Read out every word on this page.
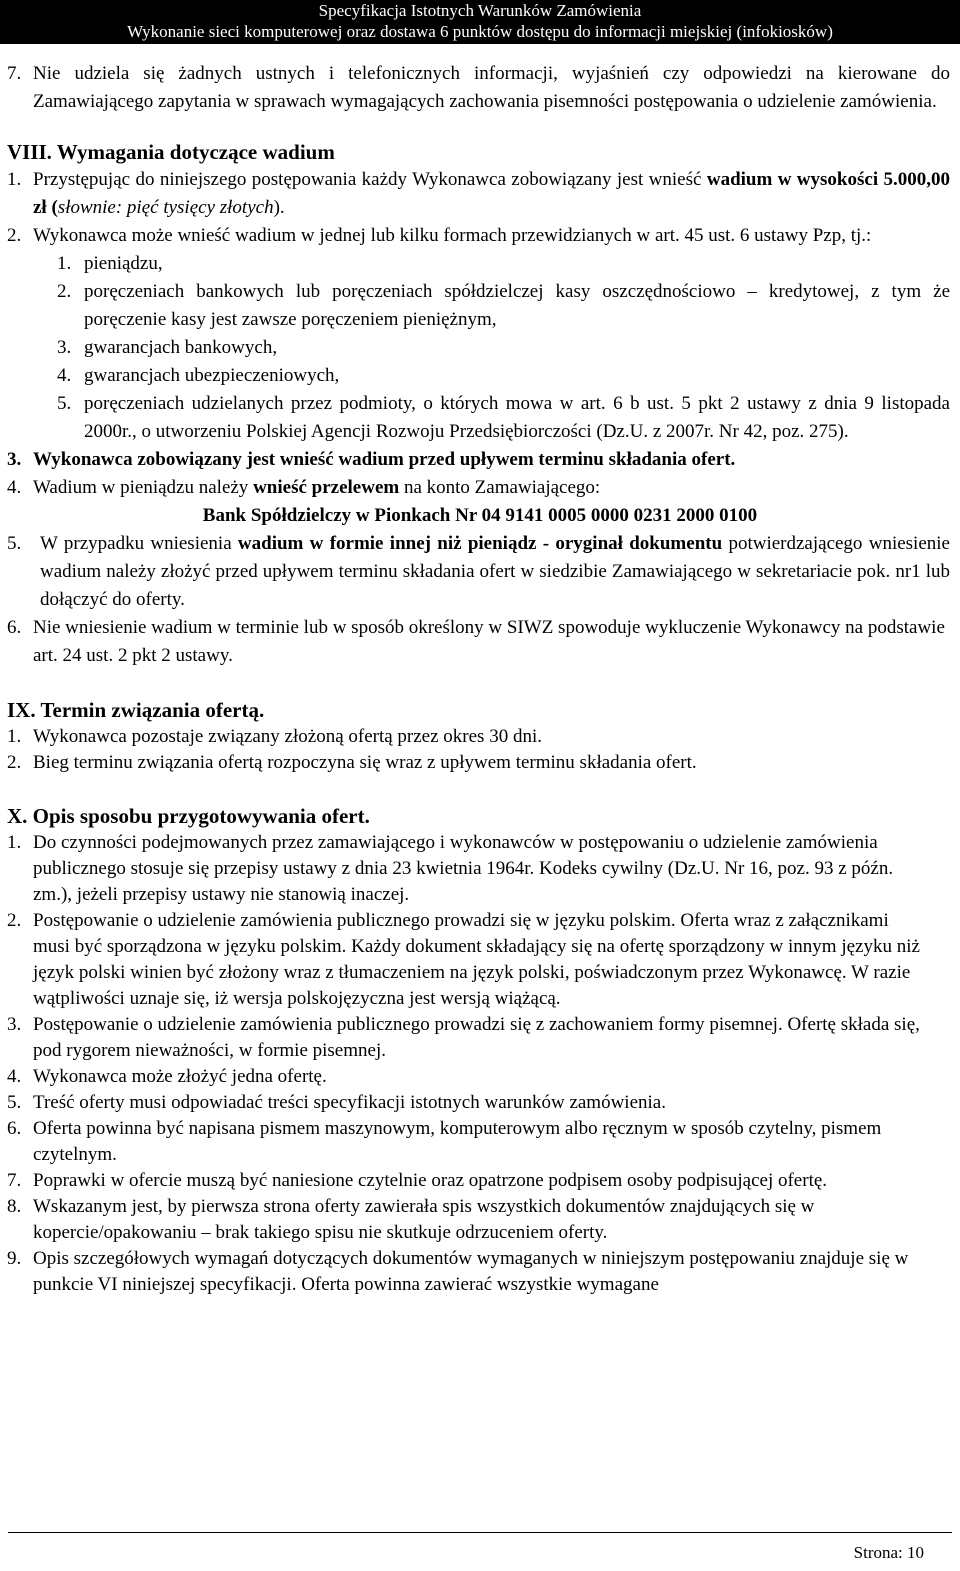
Specyfikacja Istotnych Warunków Zamówienia
Wykonanie sieci komputerowej oraz dostawa 6 punktów dostępu do informacji miejskiej (infokiosków)
7. Nie udziela się żadnych ustnych i telefonicznych informacji, wyjaśnień czy odpowiedzi na kierowane do Zamawiającego zapytania w sprawach wymagających zachowania pisemności postępowania o udzielenie zamówienia.
VIII. Wymagania dotyczące wadium
1. Przystępując do niniejszego postępowania każdy Wykonawca zobowiązany jest wnieść wadium w wysokości 5.000,00 zł (słownie: pięć tysięcy złotych).
2. Wykonawca może wnieść wadium w jednej lub kilku formach przewidzianych w art. 45 ust. 6 ustawy Pzp, tj.:
1. pieniądzu,
2. poręczeniach bankowych lub poręczeniach spółdzielczej kasy oszczędnościowo – kredytowej, z tym że poręczenie kasy jest zawsze poręczeniem pieniężnym,
3. gwarancjach bankowych,
4. gwarancjach ubezpieczeniowych,
5. poręczeniach udzielanych przez podmioty, o których mowa w art. 6 b ust. 5 pkt 2 ustawy z dnia 9 listopada 2000r., o utworzeniu Polskiej Agencji Rozwoju Przedsiębiorczości (Dz.U. z 2007r. Nr 42, poz. 275).
3. Wykonawca zobowiązany jest wnieść wadium przed upływem terminu składania ofert.
4. Wadium w pieniądzu należy wnieść przelewem na konto Zamawiającego:
Bank Spółdzielczy w Pionkach Nr 04 9141 0005 0000 0231 2000 0100
5. W przypadku wniesienia wadium w formie innej niż pieniądz - oryginał dokumentu potwierdzającego wniesienie wadium należy złożyć przed upływem terminu składania ofert w siedzibie Zamawiającego w sekretariacie pok. nr1 lub dołączyć do oferty.
6. Nie wniesienie wadium w terminie lub w sposób określony w SIWZ spowoduje wykluczenie Wykonawcy na podstawie art. 24 ust. 2 pkt 2 ustawy.
IX. Termin związania ofertą.
1. Wykonawca pozostaje związany złożoną ofertą przez okres 30 dni.
2. Bieg terminu związania ofertą rozpoczyna się wraz z upływem terminu składania ofert.
X. Opis sposobu przygotowywania ofert.
1. Do czynności podejmowanych przez zamawiającego i wykonawców w postępowaniu o udzielenie zamówienia publicznego stosuje się przepisy ustawy z dnia 23 kwietnia 1964r. Kodeks cywilny (Dz.U. Nr 16, poz. 93 z późn. zm.), jeżeli przepisy ustawy nie stanowią inaczej.
2. Postępowanie o udzielenie zamówienia publicznego prowadzi się w języku polskim. Oferta wraz z załącznikami musi być sporządzona w języku polskim. Każdy dokument składający się na ofertę sporządzony w innym języku niż język polski winien być złożony wraz z tłumaczeniem na język polski, poświadczonym przez Wykonawcę. W razie wątpliwości uznaje się, iż wersja polskojęzyczna jest wersją wiążącą.
3. Postępowanie o udzielenie zamówienia publicznego prowadzi się z zachowaniem formy pisemnej. Ofertę składa się, pod rygorem nieważności, w formie pisemnej.
4. Wykonawca może złożyć jedna ofertę.
5. Treść oferty musi odpowiadać treści specyfikacji istotnych warunków zamówienia.
6. Oferta powinna być napisana pismem maszynowym, komputerowym albo ręcznym w sposób czytelny, pismem czytelnym.
7. Poprawki w ofercie muszą być naniesione czytelnie oraz opatrzone podpisem osoby podpisującej ofertę.
8. Wskazanym jest, by pierwsza strona oferty zawierała spis wszystkich dokumentów znajdujących się w kopercie/opakowaniu – brak takiego spisu nie skutkuje odrzuceniem oferty.
9. Opis szczegółowych wymagań dotyczących dokumentów wymaganych w niniejszym postępowaniu znajduje się w punkcie VI niniejszej specyfikacji. Oferta powinna zawierać wszystkie wymagane
Strona: 10
